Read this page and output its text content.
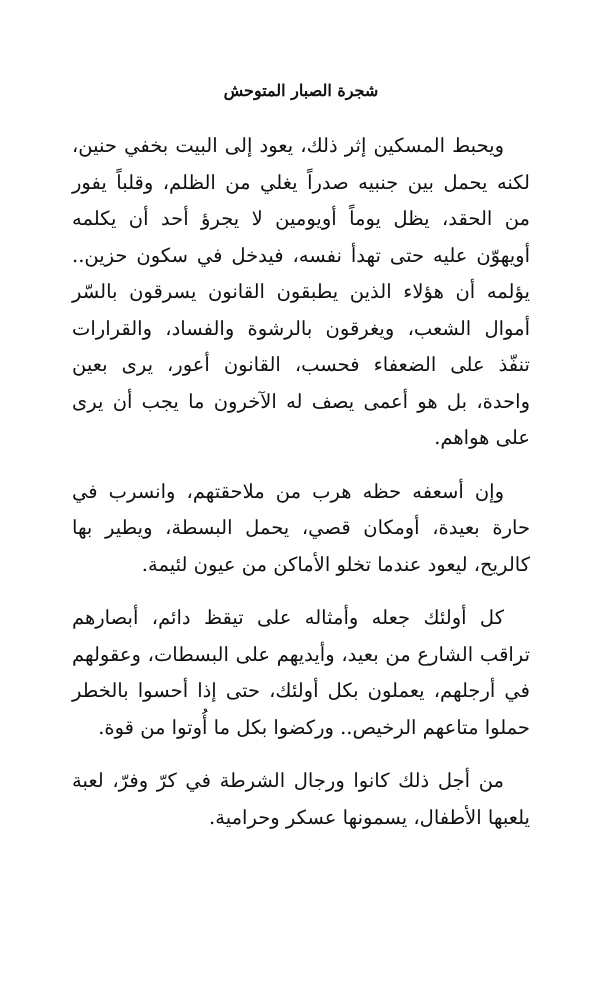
شجرة الصبار المتوحش

ويحبط المسكين إثر ذلك، يعود إلى البيت بخفي حنين، لكنه يحمل بين جنبيه صدراً يغلي من الظلم، وقلباً يفور من الحقد، يظل يوماً أويومين لا يجرؤ أحد أن يكلمه أويهوّن عليه حتى تهدأ نفسه، فيدخل في سكون حزين.. يؤلمه أن هؤلاء الذين يطبقون القانون يسرقون بالسّر أموال الشعب، ويغرقون بالرشوة والفساد، والقرارات تنفّذ على الضعفاء فحسب، القانون أعور، يرى بعين واحدة، بل هو أعمى يصف له الآخرون ما يجب أن يرى على هواهم.

وإن أسعفه حظه هرب من ملاحقتهم، وانسرب في حارة بعيدة، أومكان قصي، يحمل البسطة، ويطير بها كالريح، ليعود عندما تخلو الأماكن من عيون لئيمة.

كل أولئك جعله وأمثاله على تيقظ دائم، أبصارهم تراقب الشارع من بعيد، وأيديهم على البسطات، وعقولهم في أرجلهم، يعملون بكل أولئك، حتى إذا أحسوا بالخطر حملوا متاعهم الرخيص.. وركضوا بكل ما أُوتوا من قوة.

من أجل ذلك كانوا ورجال الشرطة في كرّ وفرّ، لعبة يلعبها الأطفال، يسمونها عسكر وحرامية.
